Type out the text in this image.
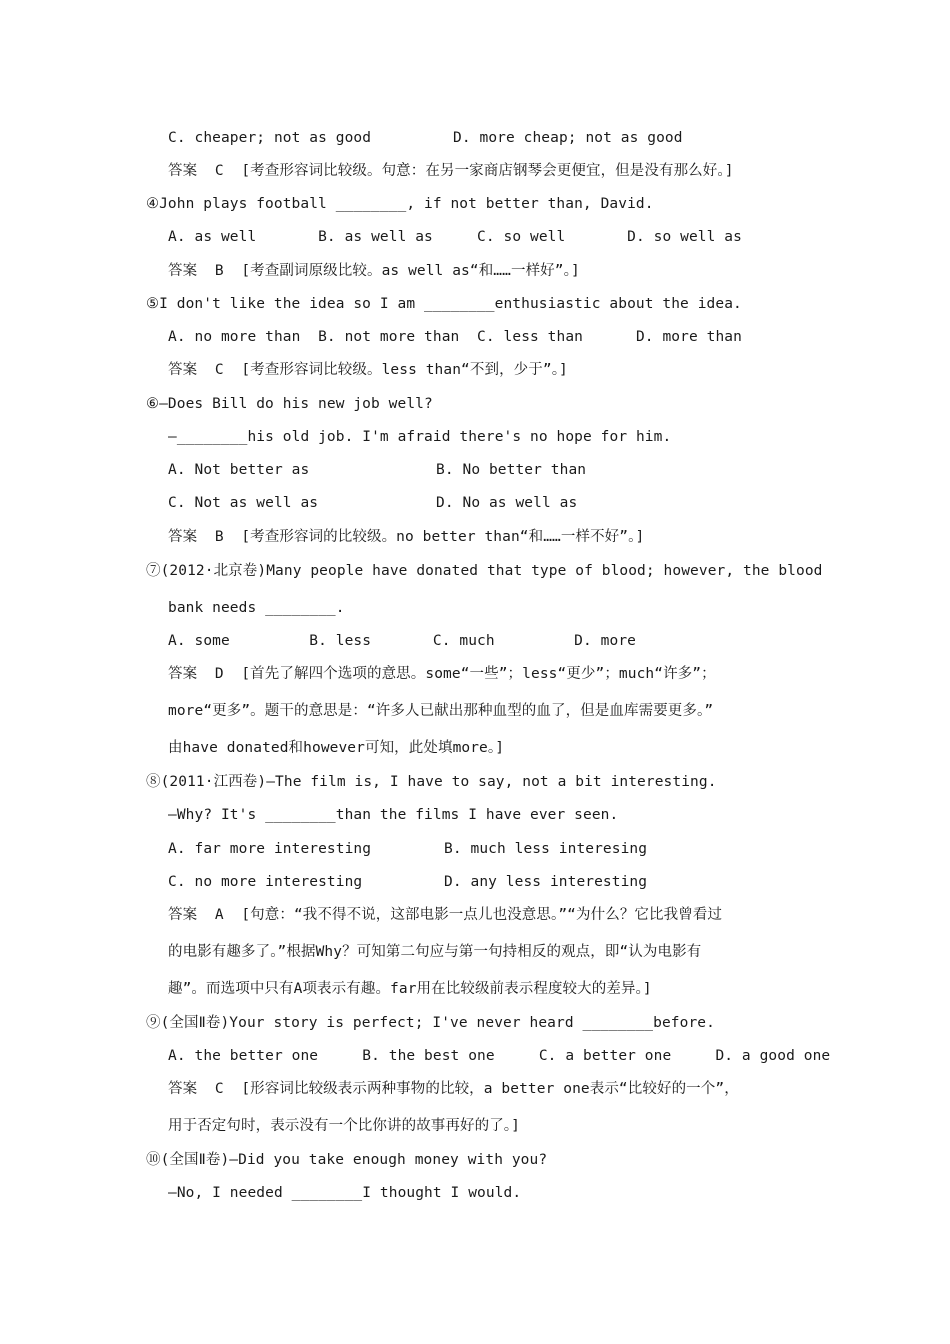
C. cheaper; not as good	D. more cheap; not as good
答案  C  [考查形容词比较级。句意：在另一家商店钢琴会更便宜，但是没有那么好。]
④John plays football ________, if not better than, David.
A. as well       B. as well as     C. so well       D. so well as
答案  B  [考查副词原级比较。as well as“和……一样好”。]
⑤I don't like the idea so I am ________enthusiastic about the idea.
A. no more than  B. not more than  C. less than      D. more than
答案  C  [考查形容词比较级。less than“不到，少于”。]
⑥—Does Bill do his new job well?
—________his old job. I'm afraid there's no hope for him.
A. Not better as	B. No better than
C. Not as well as	D. No as well as
答案  B  [考查形容词的比较级。no better than“和……一样不好”。]
⑦(2012·北京卷)Many people have donated that type of blood; however, the blood
bank needs ________.
A. some         B. less       C. much         D. more
答案  D  [首先了解四个选项的意思。some“一些”；less“更少”；much“许多”；
more“更多”。题干的意思是：“许多人已献出那种血型的血了，但是血库需要更多。”
由have donated和however可知，此处填more。]
⑧(2011·江西卷)—The film is, I have to say, not a bit interesting.
—Why? It's ________than the films I have ever seen.
A. far more interesting	B. much less interesing
C. no more interesting	D. any less interesting
答案  A  [句意：“我不得不说，这部电影一点儿也没意思。”“为什么？它比我曾看过
的电影有趣多了。”根据Why？可知第二句应与第一句持相反的观点，即“认为电影有
趣”。而选项中只有A项表示有趣。far用在比较级前表示程度较大的差异。]
⑨(全国Ⅱ卷)Your story is perfect; I've never heard ________before.
A. the better one     B. the best one     C. a better one     D. a good one
答案  C  [形容词比较级表示两种事物的比较，a better one表示“比较好的一个”，
用于否定句时，表示没有一个比你讲的故事再好的了。]
⑩(全国Ⅱ卷)—Did you take enough money with you?
—No, I needed ________I thought I would.
